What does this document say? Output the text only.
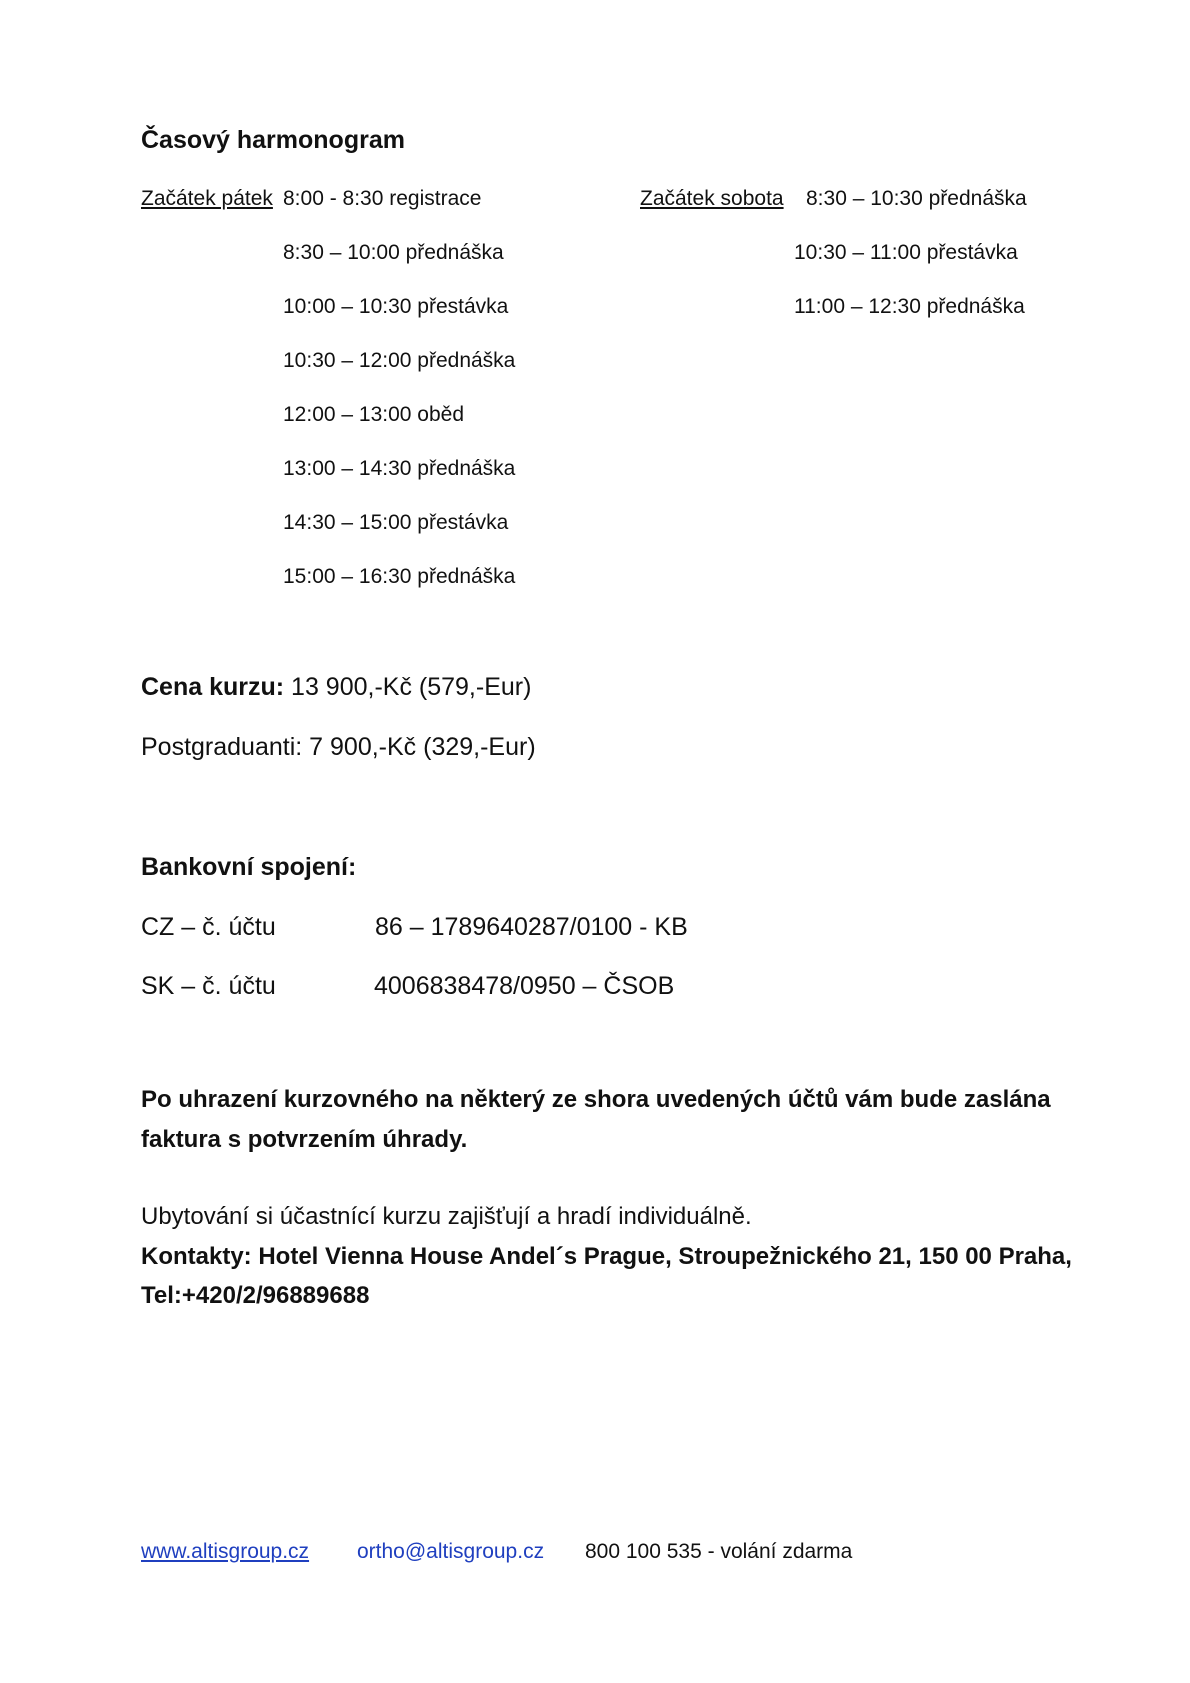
Časový harmonogram
Začátek pátek 8:00 - 8:30 registrace
8:30 – 10:00 přednáška
10:00 – 10:30 přestávka
10:30 – 12:00 přednáška
12:00 – 13:00 oběd
13:00 – 14:30 přednáška
14:30 – 15:00 přestávka
15:00 – 16:30 přednáška
Začátek sobota 8:30 – 10:30 přednáška
10:30 – 11:00 přestávka
11:00 – 12:30 přednáška
Cena kurzu: 13 900,-Kč (579,-Eur)
Postgraduanti: 7 900,-Kč (329,-Eur)
Bankovní spojení:
CZ – č. účtu	86 – 1789640287/0100 - KB
SK – č. účtu	4006838478/0950 – ČSOB
Po uhrazení kurzovného na některý ze shora uvedených účtů vám bude zaslána
faktura s potvrzením úhrady.
Ubytování si účastnící kurzu zajišťují a hradí individuálně.
Kontakty: Hotel Vienna House Andel´s Prague, Stroupežnického 21, 150 00 Praha,
Tel:+420/2/96889688
www.altisgroup.cz ortho@altisgroup.cz 800 100 535 - volání zdarma
